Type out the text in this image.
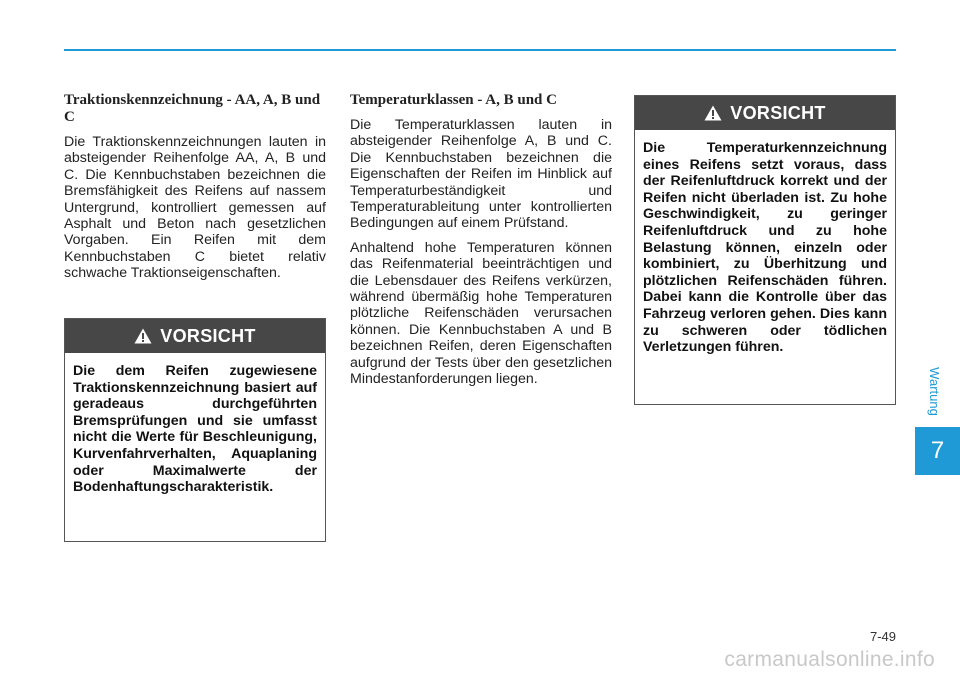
Traktionskennzeichnung - AA, A, B und C

Die Traktionskennzeichnungen lauten in absteigender Reihenfolge AA, A, B und C. Die Kennbuchstaben bezeichnen die Bremsfähigkeit des Reifens auf nassem Untergrund, kontrolliert gemessen auf Asphalt und Beton nach gesetzlichen Vorgaben. Ein Reifen mit dem Kennbuchstaben C bietet relativ schwache Traktionseigenschaften.

VORSICHT
Die dem Reifen zugewiesene Traktionskennzeichnung basiert auf geradeaus durchgeführten Bremsprüfungen und sie umfasst nicht die Werte für Beschleunigung, Kurvenfahrverhalten, Aquaplaning oder Maximalwerte der Bodenhaftungscharakteristik.
Temperaturklassen - A, B und C

Die Temperaturklassen lauten in absteigender Reihenfolge A, B und C. Die Kennbuchstaben bezeichnen die Eigenschaften der Reifen im Hinblick auf Temperaturbeständigkeit und Temperaturableitung unter kontrollierten Bedingungen auf einem Prüfstand.

Anhaltend hohe Temperaturen können das Reifenmaterial beeinträchtigen und die Lebensdauer des Reifens verkürzen, während übermäßig hohe Temperaturen plötzliche Reifenschäden verursachen können. Die Kennbuchstaben A und B bezeichnen Reifen, deren Eigenschaften aufgrund der Tests über den gesetzlichen Mindestanforderungen liegen.

VORSICHT
Die Temperaturkennzeichnung eines Reifens setzt voraus, dass der Reifenluftdruck korrekt und der Reifen nicht überladen ist. Zu hohe Geschwindigkeit, zu geringer Reifenluftdruck und zu hohe Belastung können, einzeln oder kombiniert, zu Überhitzung und plötzlichen Reifenschäden führen. Dabei kann die Kontrolle über das Fahrzeug verloren gehen. Dies kann zu schweren oder tödlichen Verletzungen führen.
Wartung
7
7-49
carmanualsonline.info
